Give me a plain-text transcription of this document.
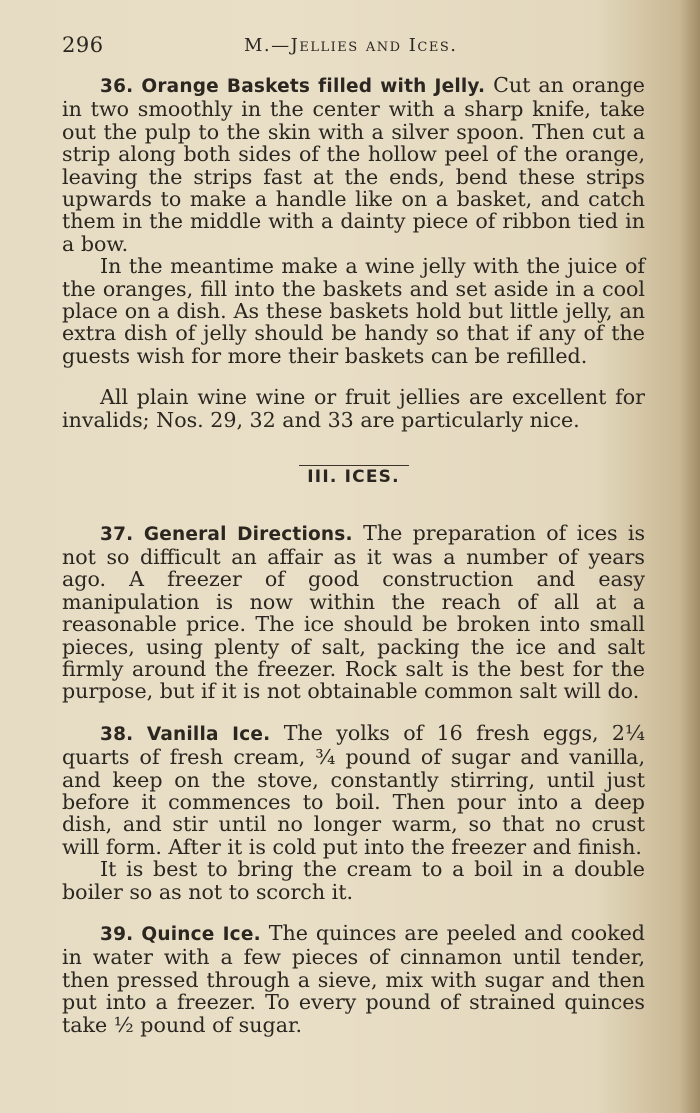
296	M.—Jellies and Ices.

36. Orange Baskets filled with Jelly. Cut an orange in two smoothly in the center with a sharp knife, take out the pulp to the skin with a silver spoon. Then cut a strip along both sides of the hollow peel of the orange, leaving the strips fast at the ends, bend these strips upwards to make a handle like on a basket, and catch them in the middle with a dainty piece of ribbon tied in a bow.

In the meantime make a wine jelly with the juice of the oranges, fill into the baskets and set aside in a cool place on a dish. As these baskets hold but little jelly, an extra dish of jelly should be handy so that if any of the guests wish for more their baskets can be refilled.

All plain wine wine or fruit jellies are excellent for invalids; Nos. 29, 32 and 33 are particularly nice.

III. ICES.

37. General Directions. The preparation of ices is not so difficult an affair as it was a number of years ago. A freezer of good construction and easy manipulation is now within the reach of all at a reasonable price. The ice should be broken into small pieces, using plenty of salt, packing the ice and salt firmly around the freezer. Rock salt is the best for the purpose, but if it is not obtainable common salt will do.

38. Vanilla Ice. The yolks of 16 fresh eggs, 2¼ quarts of fresh cream, ¾ pound of sugar and vanilla, and keep on the stove, constantly stirring, until just before it commences to boil. Then pour into a deep dish, and stir until no longer warm, so that no crust will form. After it is cold put into the freezer and finish.

It is best to bring the cream to a boil in a double boiler so as not to scorch it.

39. Quince Ice. The quinces are peeled and cooked in water with a few pieces of cinnamon until tender, then pressed through a sieve, mix with sugar and then put into a freezer. To every pound of strained quinces take ½ pound of sugar.
